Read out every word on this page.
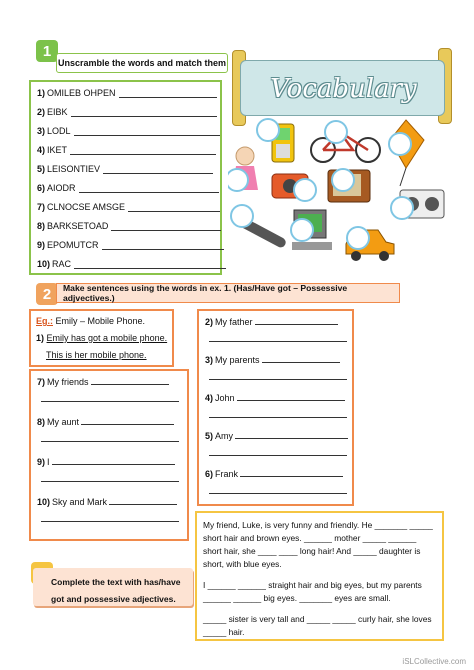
1
Unscramble the words and match them
1) OMILEB OHPEN
2) EIBK
3) LODL
4) IKET
5) LEISONTIEV
6) AIODR
7) CLNOCSE AMSGE
8) BARKSETOAD
9) EPOMUTCR
10) RAC
Vocabulary
2	Make sentences using the words in ex. 1. (Has/Have got – Possessive adjvectives.)
Eg.: Emily – Mobile Phone.
1) Emily has got a mobile phone.
This is her mobile phone.
7) My friends
8) My aunt
9) I
10) Sky and Mark
2) My father
3) My parents
4) John
5) Amy
6) Frank
Complete the text with has/have
got and possessive adjectives.

My friend, Luke, is very funny and friendly. He _______ _____ short hair and brown eyes. ______ mother _____ ______ short hair, she ____ ____ long hair! And _____ daughter is short, with blue eyes.

I ______ ______ straight hair and big eyes, but my parents ______ ______ big eyes. _______ eyes are small.

_____ sister is very tall and _____ _____ curly hair, she loves _____ hair.

iSLCollective.com
